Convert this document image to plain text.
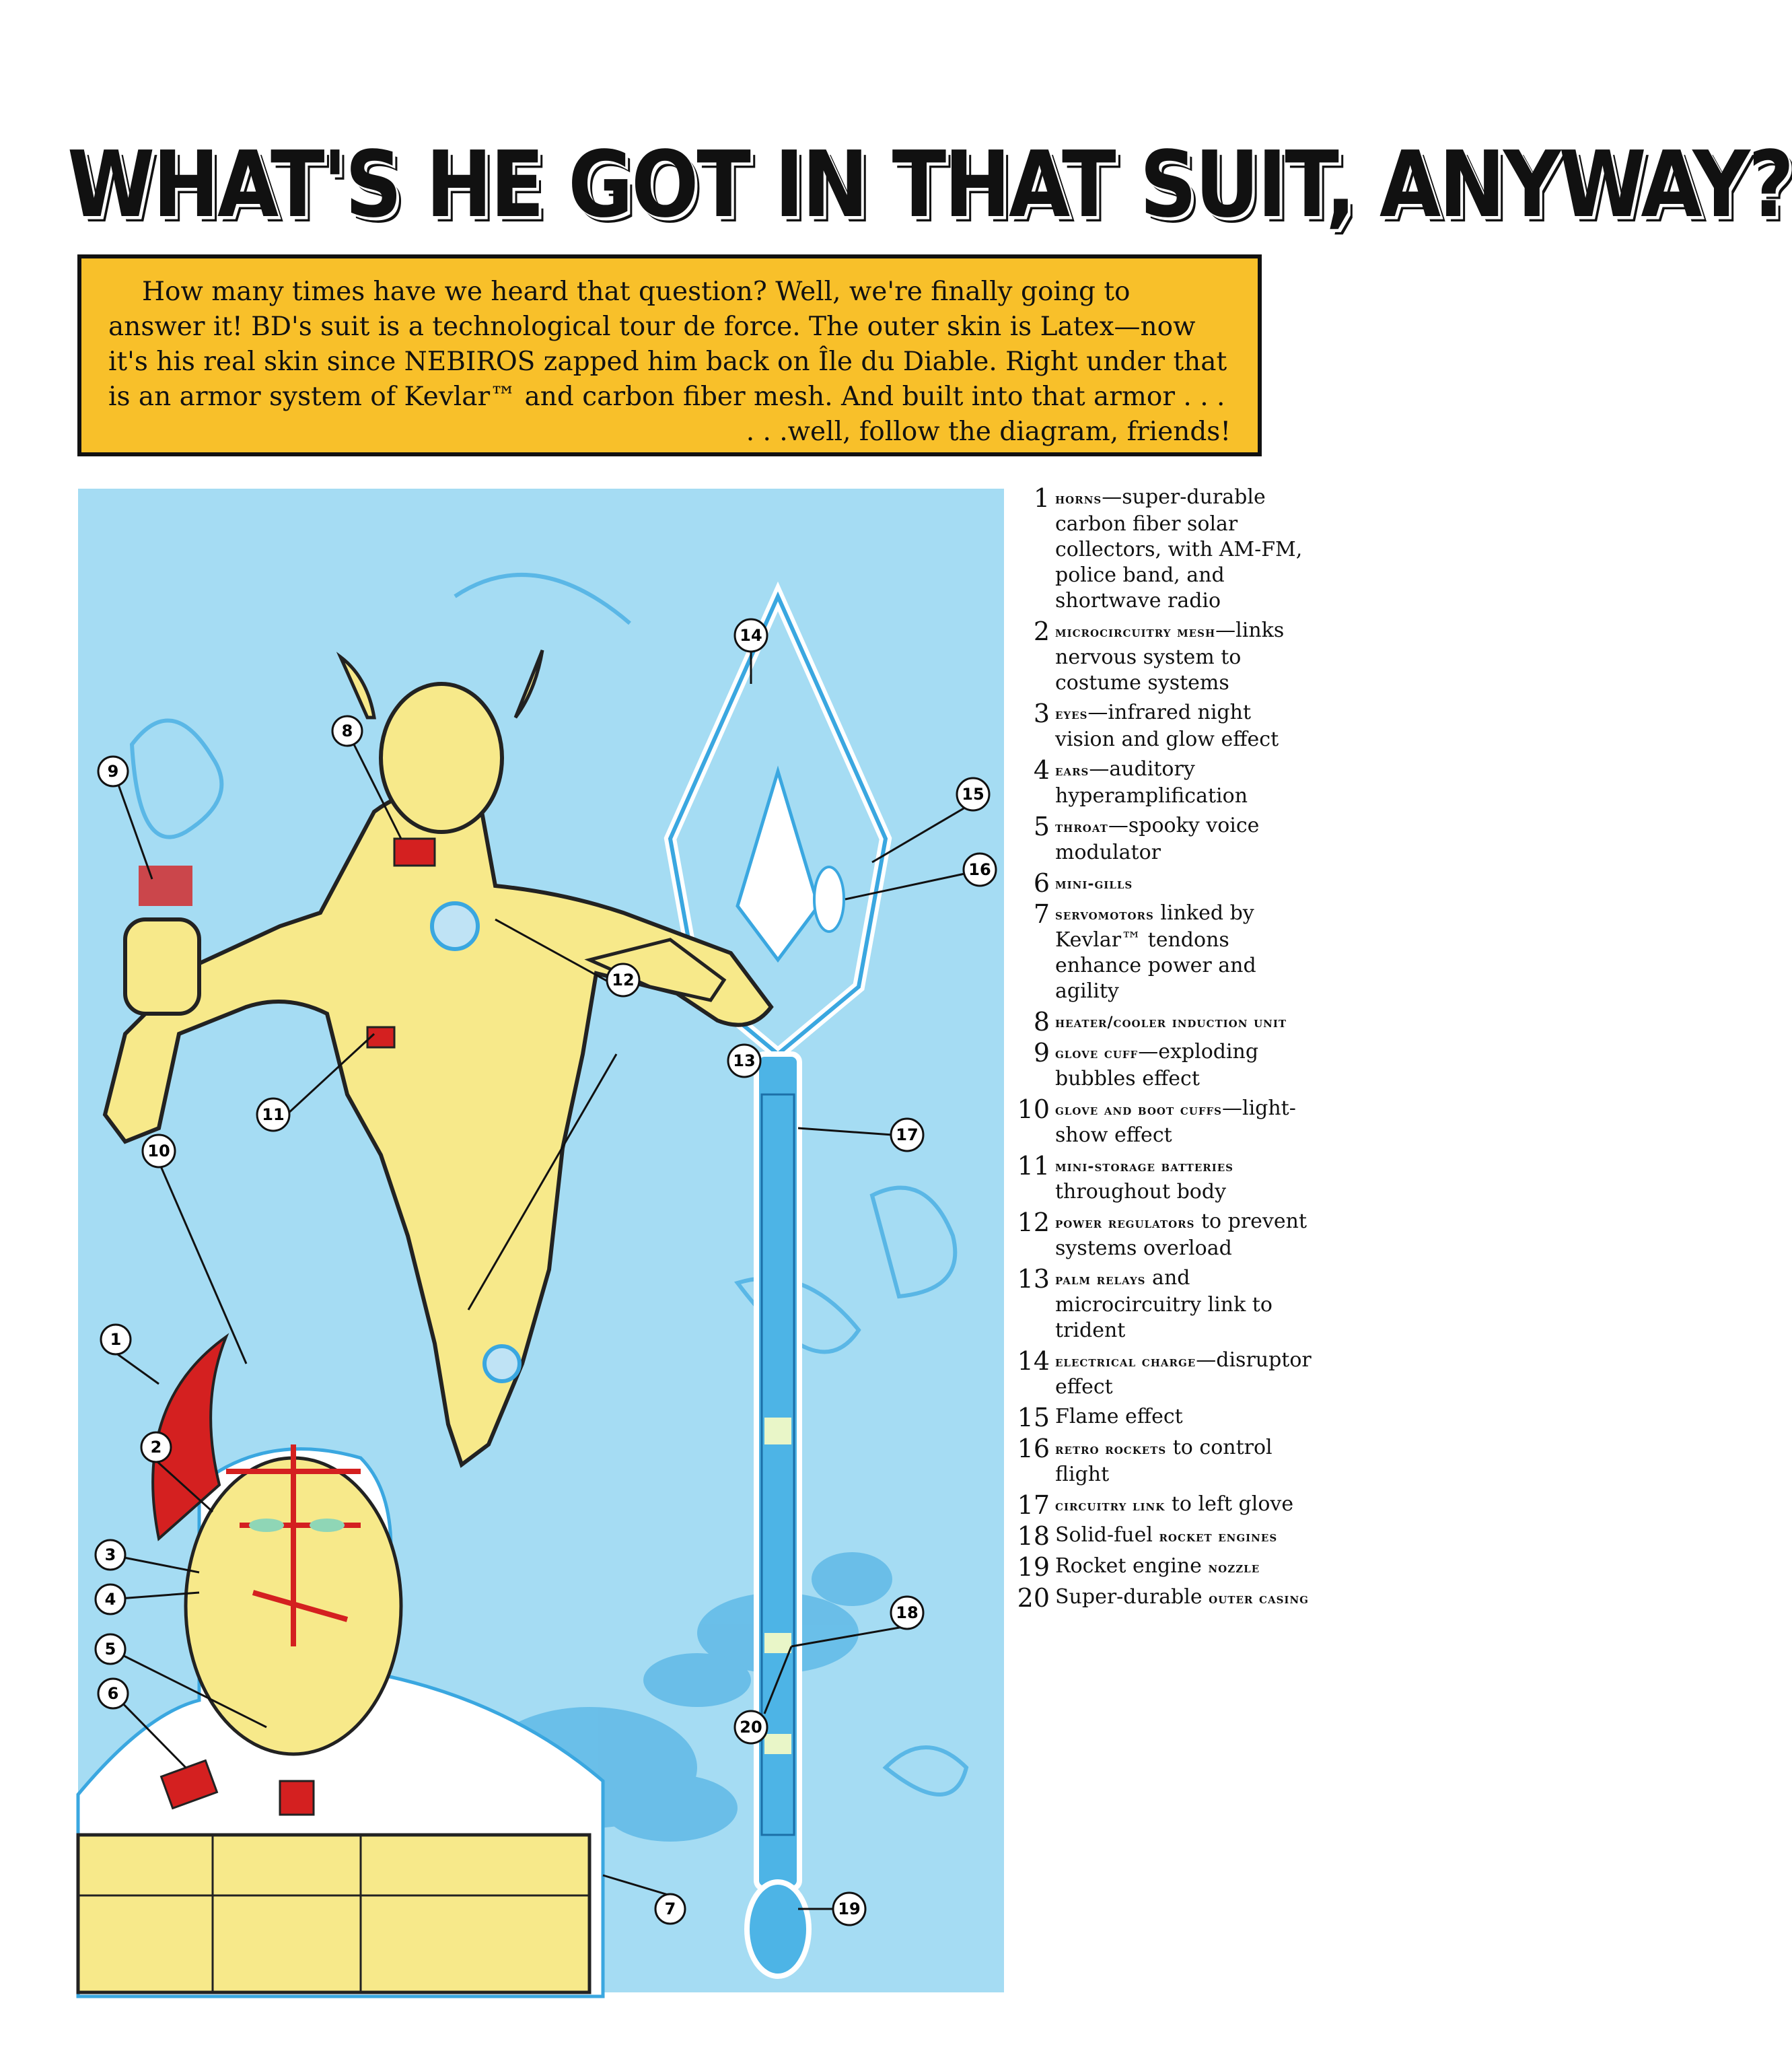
WHAT'S HE GOT IN THAT SUIT, ANYWAY?

How many times have we heard that question? Well, we're finally going to answer it! BD's suit is a technological tour de force. The outer skin is Latex—now it's his real skin since NEBIROS zapped him back on Île du Diable. Right under that is an armor system of Kevlar™ and carbon fiber mesh. And built into that armor . . .

. . .well, follow the diagram, friends!
1
2
3
4
5
6
7
8
9
10
11
12
13
14
15
16
17
18
19
20
1 horns—super-durable carbon fiber solar collectors, with AM-FM, police band, and shortwave radio
2 microcircuitry mesh—links nervous system to costume systems
3 eyes—infrared night vision and glow effect
4 ears—auditory hyperamplification
5 throat—spooky voice modulator
6 mini-gills
7 servomotors linked by Kevlar™ tendons enhance power and agility
8 heater/cooler induction unit
9 glove cuff—exploding bubbles effect
10 glove and boot cuffs—light-show effect
11 mini-storage batteries throughout body
12 power regulators to prevent systems overload
13 palm relays and microcircuitry link to trident
14 electrical charge—disruptor effect
15 Flame effect
16 retro rockets to control flight
17 circuitry link to left glove
18 Solid-fuel rocket engines
19 Rocket engine nozzle
20 Super-durable outer casing
